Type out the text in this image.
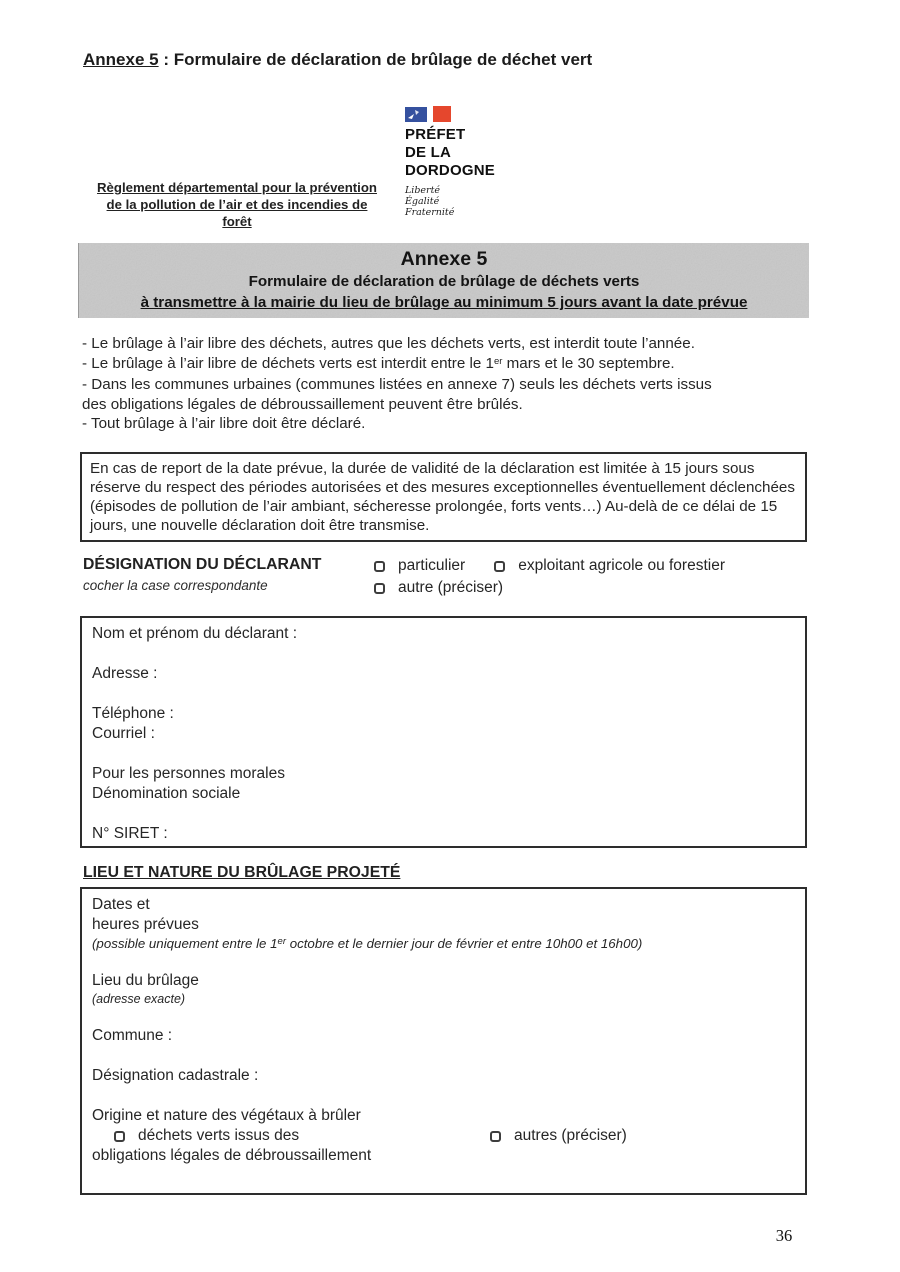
Annexe 5 : Formulaire de déclaration de brûlage de déchet vert
PRÉFET
DE LA
DORDOGNE
Liberté
Égalité
Fraternité
Règlement départemental pour la prévention
de la pollution de l’air et des incendies de
forêt
Annexe 5
Formulaire de déclaration de brûlage de déchets verts
à transmettre à la mairie du lieu de brûlage au minimum 5 jours avant la date prévue
- Le brûlage à l’air libre des déchets, autres que les déchets verts, est interdit toute l’année.
- Le brûlage à l’air libre de déchets verts est interdit entre le 1er mars et le 30 septembre.
- Dans les communes urbaines (communes listées en annexe 7) seuls les déchets verts issus
des obligations légales de débroussaillement peuvent être brûlés.
- Tout brûlage à l’air libre doit être déclaré.
En cas de report de la date prévue, la durée de validité de la déclaration est limitée à 15 jours sous réserve du respect des périodes autorisées et des mesures exceptionnelles éventuellement déclenchées (épisodes de pollution de l’air ambiant, sécheresse prolongée, forts vents…) Au-delà de ce délai de 15 jours, une nouvelle déclaration doit être transmise.
DÉSIGNATION DU DÉCLARANT
cocher la case correspondante
particulier	exploitant agricole ou forestier
autre (préciser)
Nom et prénom du déclarant :
Adresse :
Téléphone :
Courriel :
Pour les personnes morales
Dénomination sociale
N° SIRET :
LIEU ET NATURE DU BRÛLAGE PROJETÉ
Dates et
heures prévues
(possible uniquement entre le 1er octobre et le dernier jour de février et entre 10h00 et 16h00)
Lieu du brûlage
(adresse exacte)
Commune :
Désignation cadastrale :
Origine et nature des végétaux à brûler
déchets verts issus des
obligations légales de débroussaillement
autres (préciser)
36
